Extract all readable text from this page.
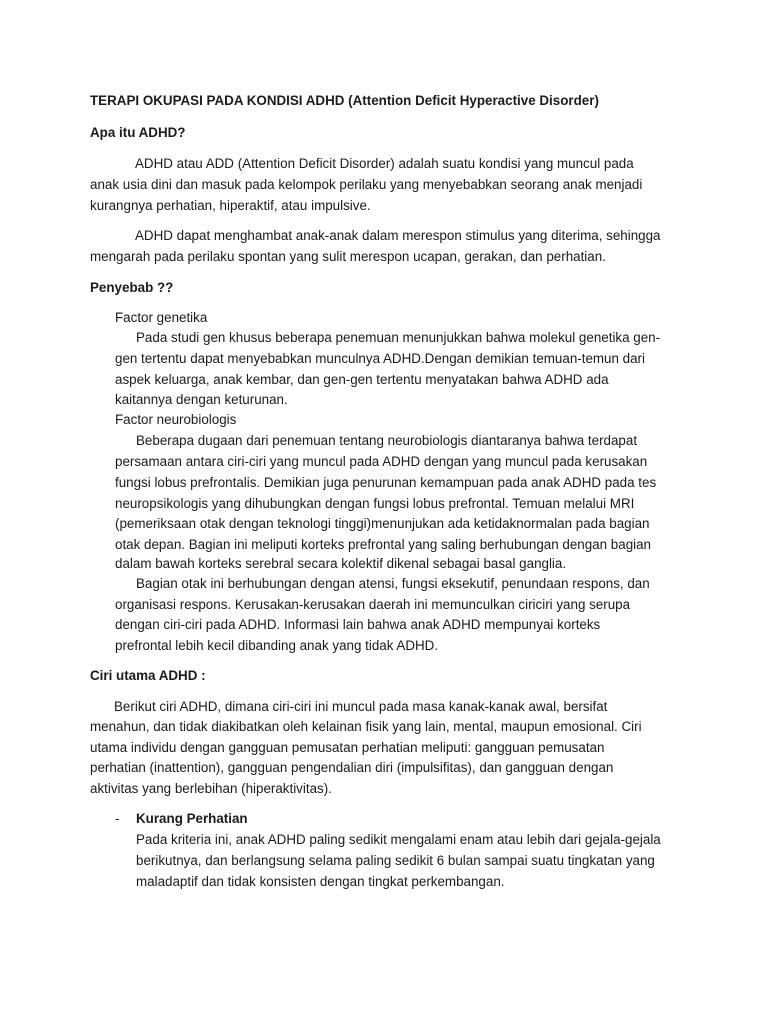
TERAPI OKUPASI PADA KONDISI ADHD (Attention Deficit Hyperactive Disorder)

Apa itu ADHD?

ADHD atau ADD (Attention Deficit Disorder) adalah suatu kondisi yang muncul pada

anak usia dini dan masuk pada kelompok perilaku yang menyebabkan seorang anak menjadi

kurangnya perhatian, hiperaktif, atau impulsive.

ADHD dapat menghambat anak-anak dalam merespon stimulus yang diterima, sehingga

mengarah pada perilaku spontan yang sulit merespon ucapan, gerakan, dan perhatian.

Penyebab ??

Factor genetika

Pada studi gen khusus beberapa penemuan menunjukkan bahwa molekul genetika gen-

gen tertentu dapat menyebabkan munculnya ADHD.Dengan demikian temuan-temun dari

aspek keluarga, anak kembar, dan gen-gen tertentu menyatakan bahwa ADHD ada

kaitannya dengan keturunan.

Factor neurobiologis

Beberapa dugaan dari penemuan tentang neurobiologis diantaranya bahwa terdapat

persamaan antara ciri-ciri yang muncul pada ADHD dengan yang muncul pada kerusakan

fungsi lobus prefrontalis. Demikian juga penurunan kemampuan pada anak ADHD pada tes

neuropsikologis yang dihubungkan dengan fungsi lobus prefrontal. Temuan melalui MRI

(pemeriksaan otak dengan teknologi tinggi)menunjukan ada ketidaknormalan pada bagian

otak depan. Bagian ini meliputi korteks prefrontal yang saling berhubungan dengan bagian

dalam bawah korteks serebral secara kolektif dikenal sebagai basal ganglia.

Bagian otak ini berhubungan dengan atensi, fungsi eksekutif, penundaan respons, dan

organisasi respons. Kerusakan-kerusakan daerah ini memunculkan ciriciri yang serupa

dengan ciri-ciri pada ADHD. Informasi lain bahwa anak ADHD mempunyai korteks

prefrontal lebih kecil dibanding anak yang tidak ADHD.

Ciri utama ADHD :

Berikut ciri ADHD, dimana ciri-ciri ini muncul pada masa kanak-kanak awal, bersifat

menahun, dan tidak diakibatkan oleh kelainan fisik yang lain, mental, maupun emosional. Ciri

utama individu dengan gangguan pemusatan perhatian meliputi: gangguan pemusatan

perhatian (inattention), gangguan pengendalian diri (impulsifitas), dan gangguan dengan

aktivitas yang berlebihan (hiperaktivitas).

- Kurang Perhatian

Pada kriteria ini, anak ADHD paling sedikit mengalami enam atau lebih dari gejala-gejala

berikutnya, dan berlangsung selama paling sedikit 6 bulan sampai suatu tingkatan yang

maladaptif dan tidak konsisten dengan tingkat perkembangan.
